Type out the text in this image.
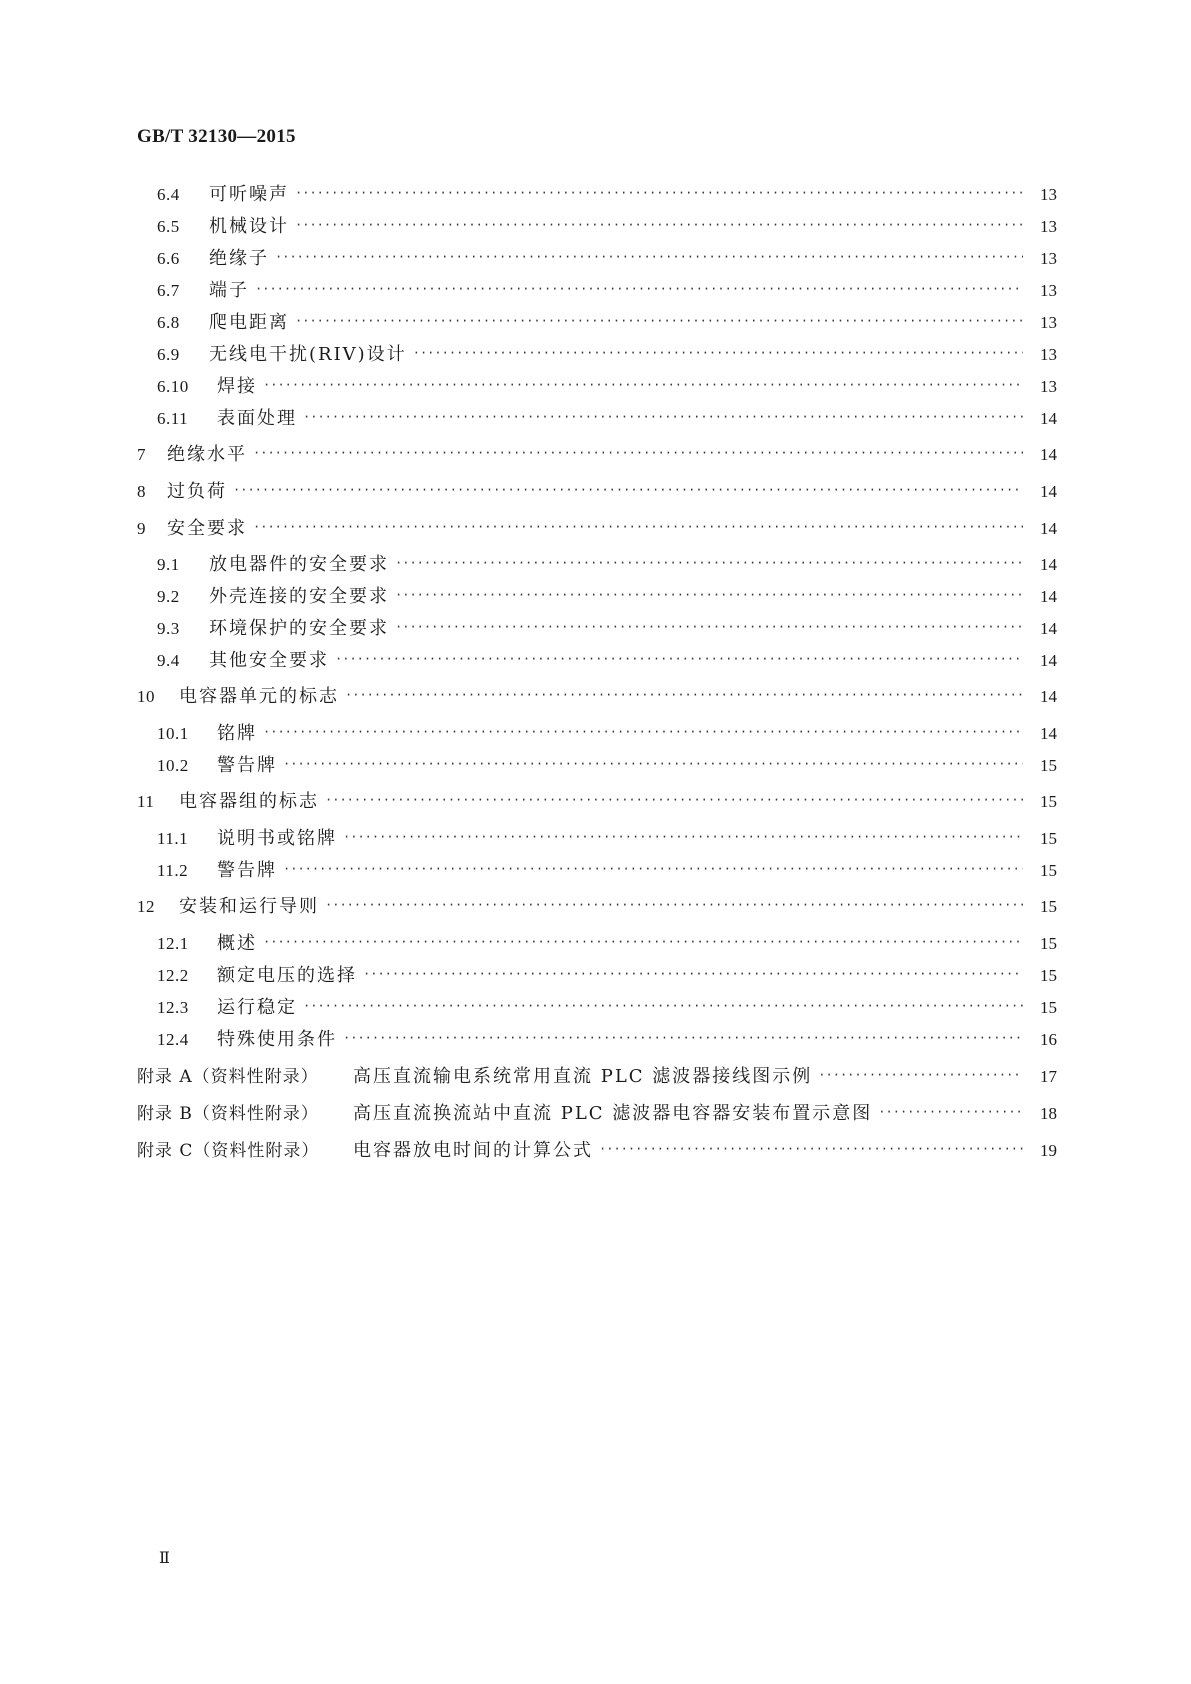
GB/T 32130—2015
6.4	可听噪声 ·····	13
6.5	机械设计 ·····	13
6.6	绝缘子 ·····	13
6.7	端子 ·····	13
6.8	爬电距离 ·····	13
6.9	无线电干扰(RIV)设计 ·····	13
6.10	焊接 ·····	13
6.11	表面处理 ·····	14
7	绝缘水平 ·····	14
8	过负荷 ·····	14
9	安全要求 ·····	14
9.1	放电器件的安全要求 ·····	14
9.2	外壳连接的安全要求 ·····	14
9.3	环境保护的安全要求 ·····	14
9.4	其他安全要求 ·····	14
10	电容器单元的标志 ·····	14
10.1	铭牌 ·····	14
10.2	警告牌 ·····	15
11	电容器组的标志 ·····	15
11.1	说明书或铭牌 ·····	15
11.2	警告牌 ·····	15
12	安装和运行导则 ·····	15
12.1	概述 ·····	15
12.2	额定电压的选择 ·····	15
12.3	运行稳定 ·····	15
12.4	特殊使用条件 ·····	16
附录 A（资料性附录）	高压直流输电系统常用直流 PLC 滤波器接线图示例 ·····	17
附录 B（资料性附录）	高压直流换流站中直流 PLC 滤波器电容器安装布置示意图 ·····	18
附录 C（资料性附录）	电容器放电时间的计算公式 ·····	19
Ⅱ
